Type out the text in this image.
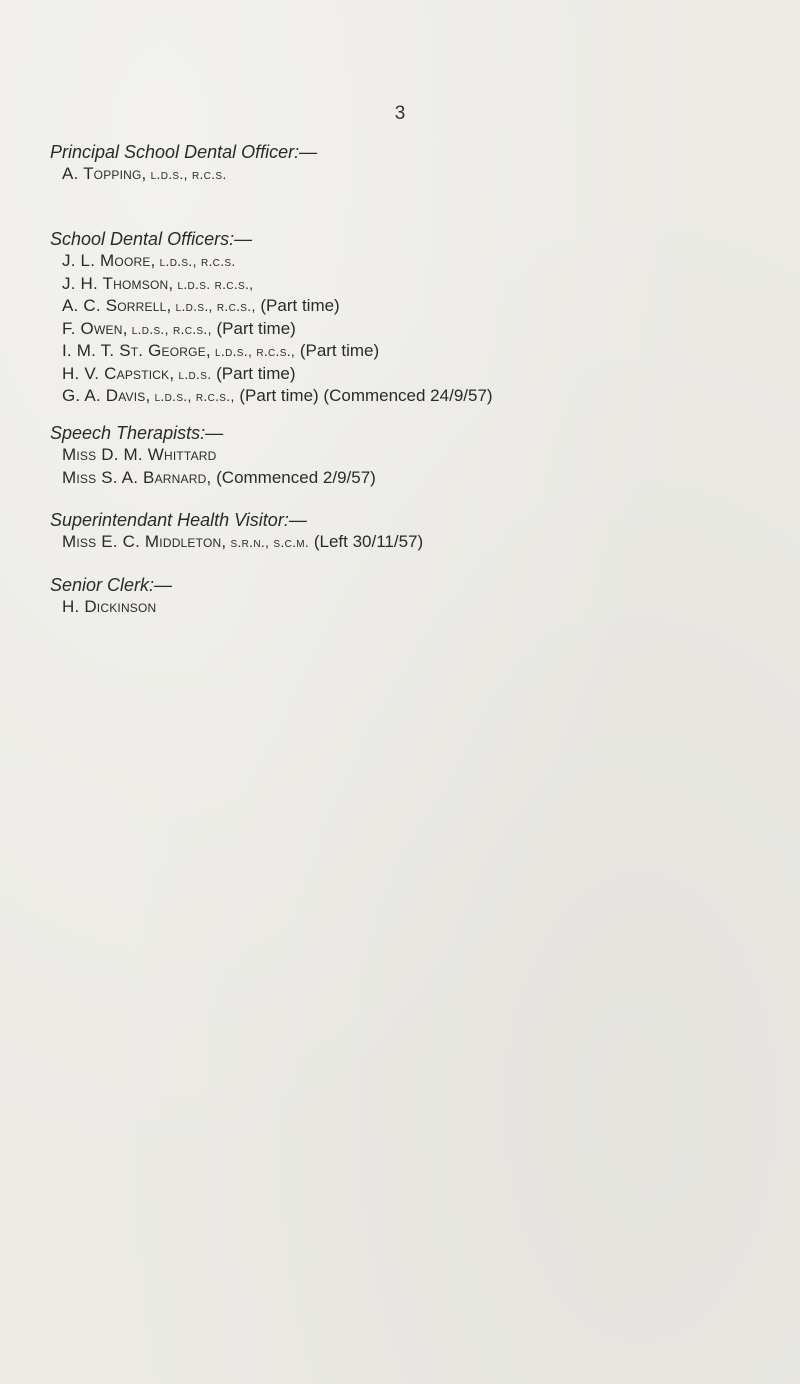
3

Principal School Dental Officer:—

A. Topping, l.d.s., r.c.s.

School Dental Officers:—

J. L. Moore, l.d.s., r.c.s.
J. H. Thomson, l.d.s. r.c.s.,
A. C. Sorrell, l.d.s., r.c.s., (Part time)
F. Owen, l.d.s., r.c.s., (Part time)
I. M. T. St. George, l.d.s., r.c.s., (Part time)
H. V. Capstick, l.d.s. (Part time)
G. A. Davis, l.d.s., r.c.s., (Part time) (Commenced 24/9/57)

Speech Therapists:—

Miss D. M. Whittard
Miss S. A. Barnard, (Commenced 2/9/57)

Superintendant Health Visitor:—

Miss E. C. Middleton, s.r.n., s.c.m. (Left 30/11/57)

Senior Clerk:—

H. Dickinson
